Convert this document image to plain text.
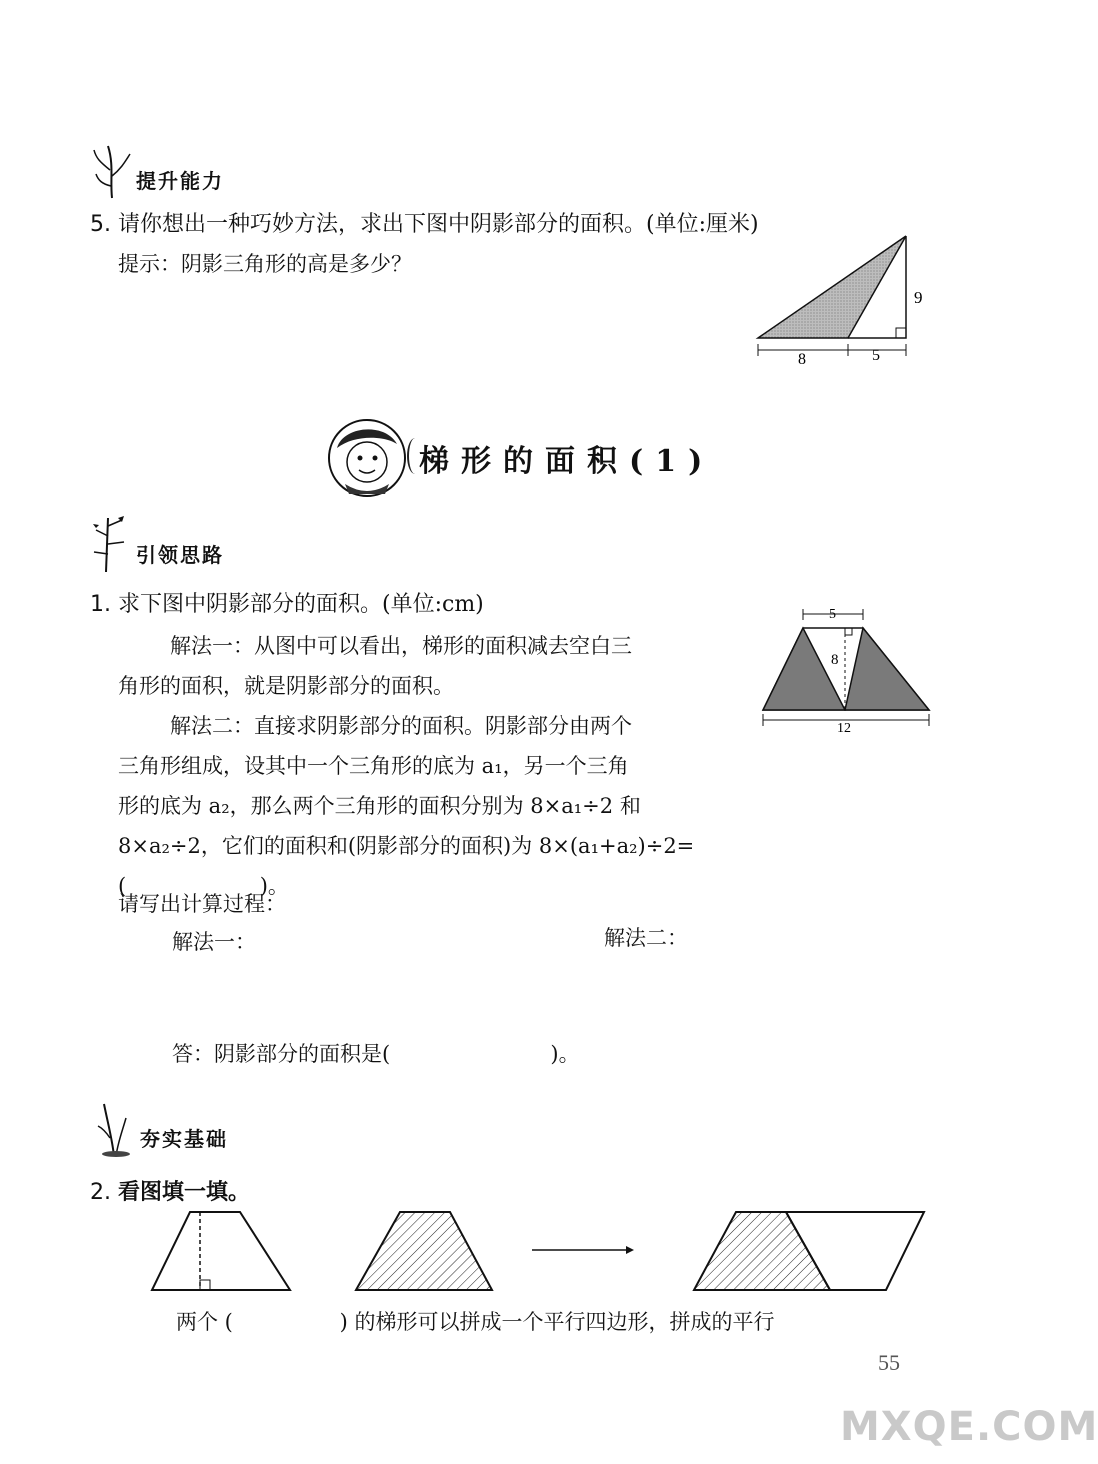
提升能力
5. 请你想出一种巧妙方法，求出下图中阴影部分的面积。(单位:厘米)
提示：阴影三角形的高是多少？
9
8	5
梯形的面积(1)
引领思路
1. 求下图中阴影部分的面积。(单位:cm)
解法一：从图中可以看出，梯形的面积减去空白三
角形的面积，就是阴影部分的面积。
解法二：直接求阴影部分的面积。阴影部分由两个
三角形组成，设其中一个三角形的底为 a₁，另一个三角
形的底为 a₂，那么两个三角形的面积分别为 8×a₁÷2 和
8×a₂÷2，它们的面积和(阴影部分的面积)为 8×(a₁+a₂)÷2=
(                    )。
5
8
12
请写出计算过程：
解法一：	解法二：
答：阴影部分的面积是(                        )。
夯实基础
2. 看图填一填。
两个 (                ) 的梯形可以拼成一个平行四边形，拼成的平行
55
MXQE.COM
